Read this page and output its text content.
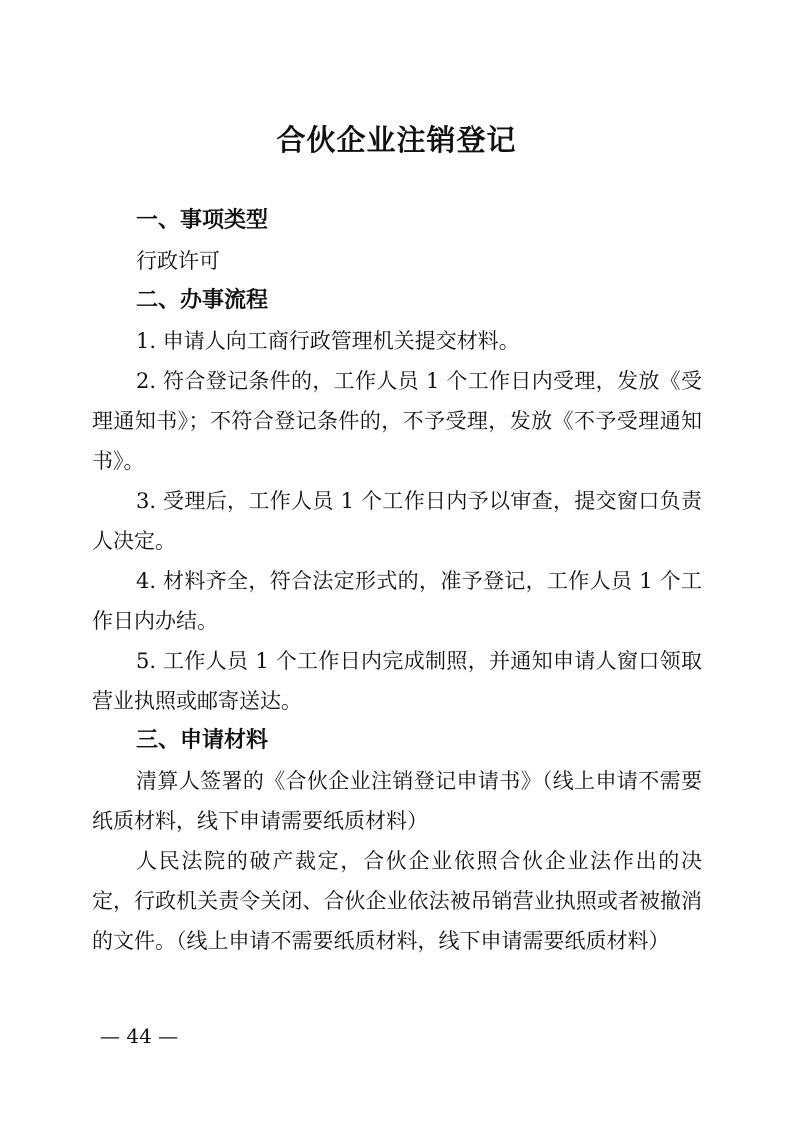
合伙企业注销登记

一、事项类型

行政许可

二、办事流程

1. 申请人向工商行政管理机关提交材料。

2. 符合登记条件的，工作人员 1 个工作日内受理，发放《受理通知书》；不符合登记条件的，不予受理，发放《不予受理通知书》。

3. 受理后，工作人员 1 个工作日内予以审查，提交窗口负责人决定。

4. 材料齐全，符合法定形式的，准予登记，工作人员 1 个工作日内办结。

5. 工作人员 1 个工作日内完成制照，并通知申请人窗口领取营业执照或邮寄送达。

三、申请材料

清算人签署的《合伙企业注销登记申请书》（线上申请不需要纸质材料，线下申请需要纸质材料）

人民法院的破产裁定，合伙企业依照合伙企业法作出的决定，行政机关责令关闭、合伙企业依法被吊销营业执照或者被撤消的文件。（线上申请不需要纸质材料，线下申请需要纸质材料）

— 44 —
